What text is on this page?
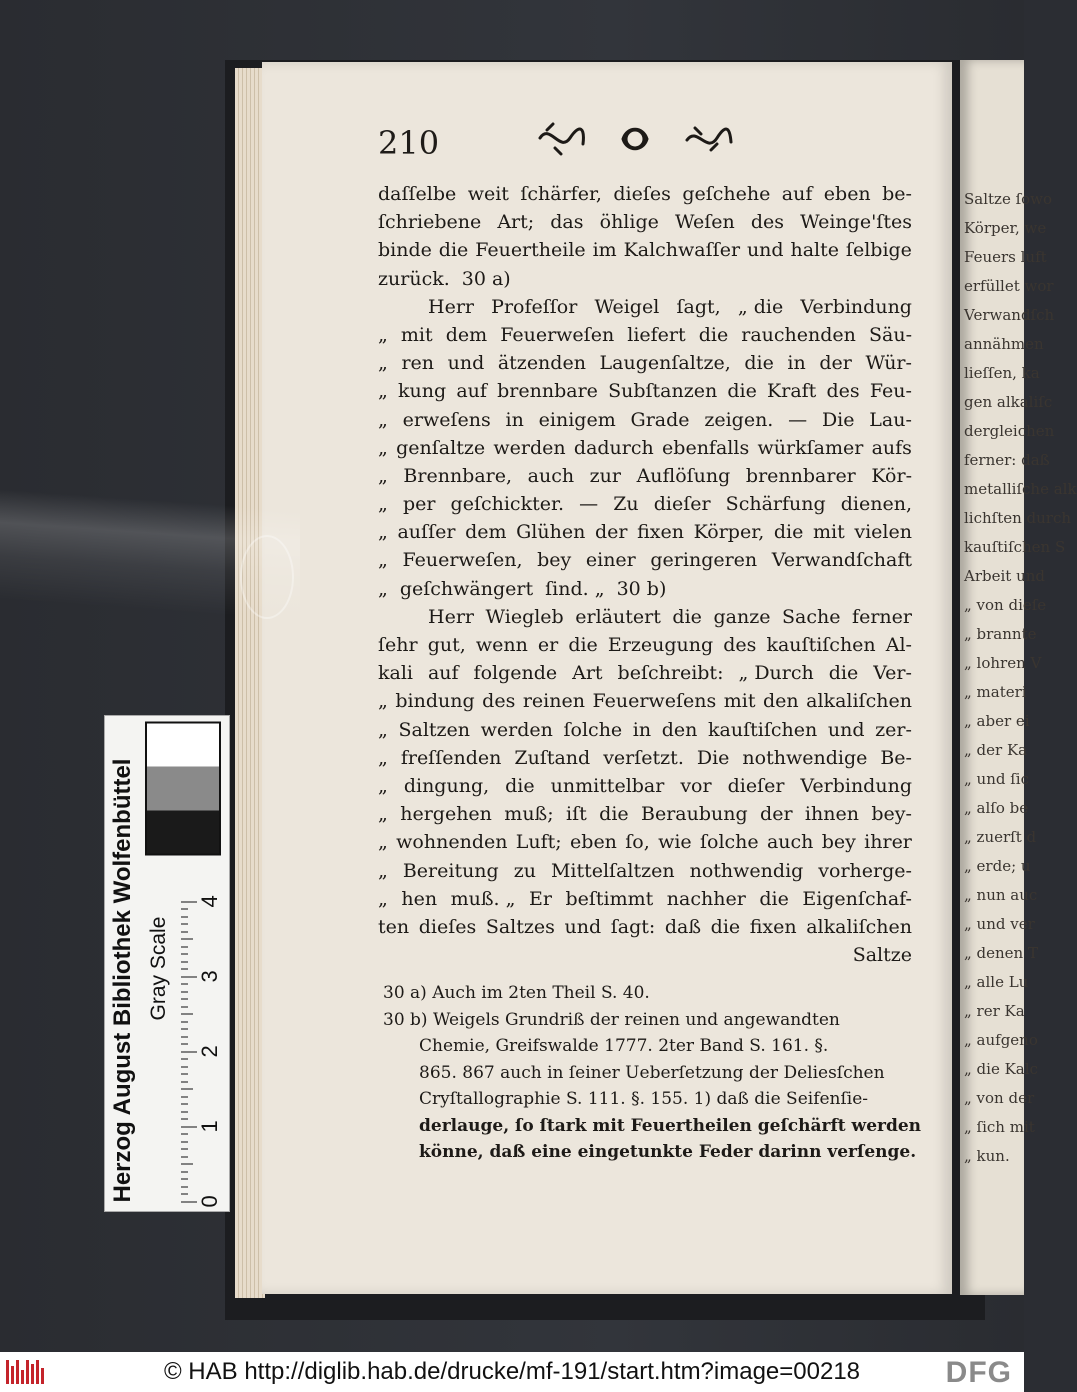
Saltze ſowo
Körper, we
Feuers luft
erfüllet wor
Verwandſch
annähmen
lieſſen, ka
gen alkaliſc
dergleichen
ferner: daß
metalliſche alk
lichſten durch
kauſtiſchen S
Arbeit und
„ von dieſe
„ brannte
„ lohren V
„ materi
„ aber ei
„ der Ka
„ und ſic
„ alſo be
„ zuerſt d
„ erde; u
„ nun auc
„ und ver
„ denen T
„ alle Lu
„ rer Ka
„ aufgeno
„ die Kalc
„ von der
„ ſich mit
„ kun.
210
daſſelbe weit ſchärfer, dieſes geſchehe auf eben be-
ſchriebene Art; das öhlige Weſen des Weinge'ſtes
binde die Feuertheile im Kalchwaſſer und halte ſelbige
zurück. 30 a)
Herr Profeſſor Weigel ſagt, „ die Verbindung
„ mit dem Feuerweſen liefert die rauchenden Säu-
„ ren und ätzenden Laugenſaltze, die in der Wür-
„ kung auf brennbare Subſtanzen die Kraft des Feu-
„ erweſens in einigem Grade zeigen. — Die Lau-
„ genſaltze werden dadurch ebenfalls würkſamer aufs
„ Brennbare, auch zur Auflöſung brennbarer Kör-
„ per geſchickter. — Zu dieſer Schärfung dienen,
„ auſſer dem Glühen der fixen Körper, die mit vielen
„ Feuerweſen, bey einer geringeren Verwandſchaft
„ geſchwängert ſind. „ 30 b)
Herr Wiegleb erläutert die ganze Sache ferner
ſehr gut, wenn er die Erzeugung des kauſtiſchen Al-
kali auf folgende Art beſchreibt: „ Durch die Ver-
„ bindung des reinen Feuerweſens mit den alkaliſchen
„ Saltzen werden ſolche in den kauſtiſchen und zer-
„ freſſenden Zuſtand verſetzt. Die nothwendige Be-
„ dingung, die unmittelbar vor dieſer Verbindung
„ hergehen muß; iſt die Beraubung der ihnen bey-
„ wohnenden Luft; eben ſo, wie ſolche auch bey ihrer
„ Bereitung zu Mittelſaltzen nothwendig vorherge-
„ hen muß. „ Er beſtimmt nachher die Eigenſchaf-
ten dieſes Saltzes und ſagt: daß die fixen alkaliſchen
Saltze
30 a) Auch im 2ten Theil S. 40.
30 b) Weigels Grundriß der reinen und angewandten
Chemie, Greifswalde 1777. 2ter Band S. 161. §.
865. 867 auch in ſeiner Ueberſetzung der Deliesſchen
Cryſtallographie S. 111. §. 155. 1) daß die Seifenſie-
derlauge, ſo ſtark mit Feuertheilen geſchärft werden
könne, daß eine eingetunkte Feder darinn verſenge.
Herzog August Bibliothek Wolfenbüttel Gray Scale
0
1
2
3
4
© HAB http://diglib.hab.de/drucke/mf-191/start.htm?image=00218	DFG
